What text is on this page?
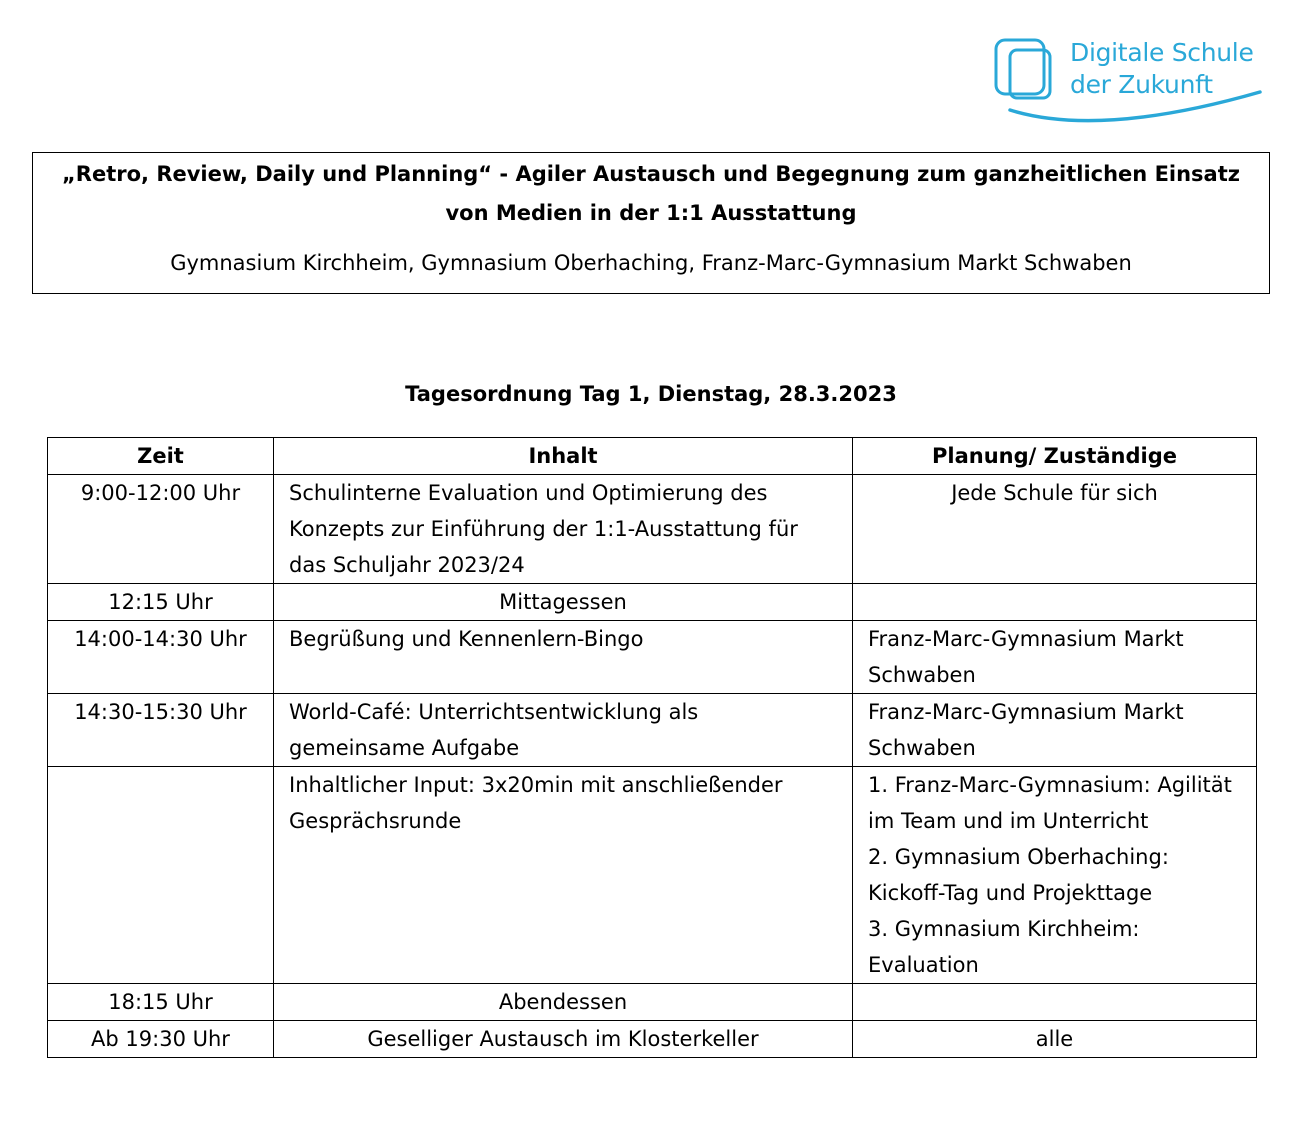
Digitale Schule
der Zukunft
„Retro, Review, Daily und Planning“ - Agiler Austausch und Begegnung zum ganzheitlichen Einsatz
von Medien in der 1:1 Ausstattung
Gymnasium Kirchheim, Gymnasium Oberhaching, Franz-Marc-Gymnasium Markt Schwaben
Tagesordnung Tag 1, Dienstag, 28.3.2023
Zeit	Inhalt	Planung/ Zuständige
9:00-12:00 Uhr	Schulinterne Evaluation und Optimierung des Konzepts zur Einführung der 1:1-Ausstattung für das Schuljahr 2023/24	Jede Schule für sich
12:15 Uhr	Mittagessen	
14:00-14:30 Uhr	Begrüßung und Kennenlern-Bingo	Franz-Marc-Gymnasium Markt Schwaben
14:30-15:30 Uhr	World-Café: Unterrichtsentwicklung als gemeinsame Aufgabe	Franz-Marc-Gymnasium Markt Schwaben
	Inhaltlicher Input: 3x20min mit anschließender Gesprächsrunde	1. Franz-Marc-Gymnasium: Agilität im Team und im Unterricht
2. Gymnasium Oberhaching: Kickoff-Tag und Projekttage
3. Gymnasium Kirchheim: Evaluation

18:15 Uhr	Abendessen	
Ab 19:30 Uhr	Geselliger Austausch im Klosterkeller	alle
